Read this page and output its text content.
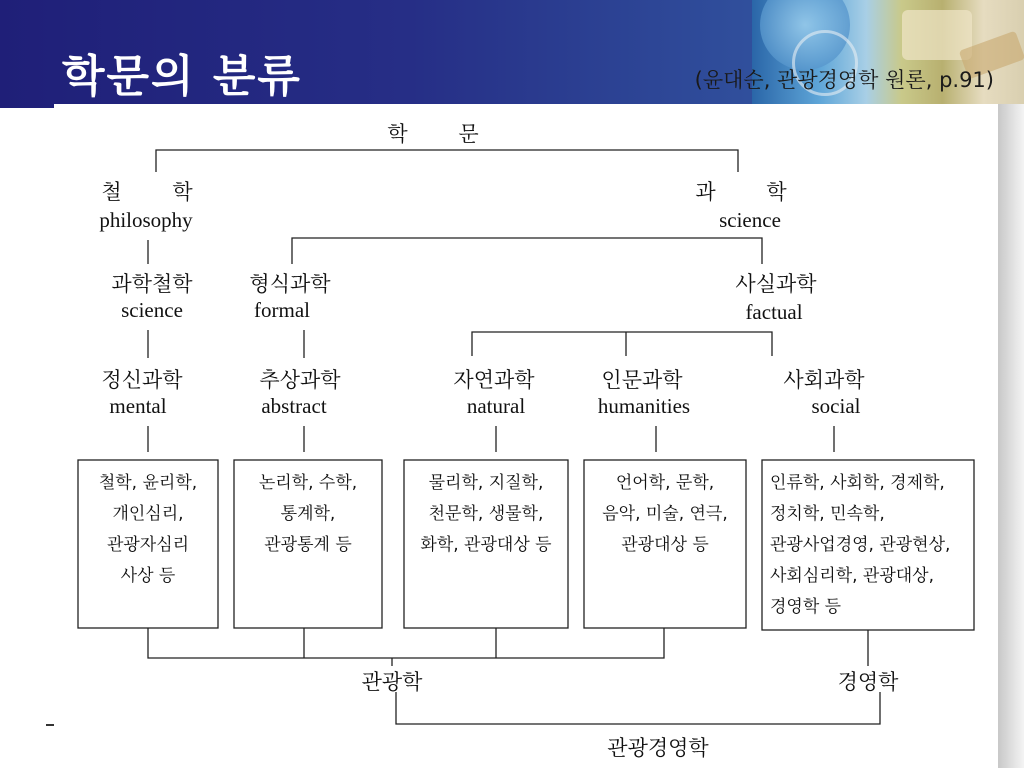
학문의 분류	(윤대순, 관광경영학 원론, p.91)
학 문
철 학
philosophy
과 학
science
과학철학
science
형식과학
formal
사실과학
factual
정신과학
mental
추상과학
abstract
자연과학
natural
인문과학
humanities
사회과학
social
철학, 윤리학,
개인심리,
관광자심리
사상 등
논리학, 수학,
통계학,
관광통계 등
물리학, 지질학,
천문학, 생물학,
화학, 관광대상 등
언어학, 문학,
음악, 미술, 연극,
관광대상 등
인류학, 사회학, 경제학,
정치학, 민속학,
관광사업경영, 관광현상,
사회심리학, 관광대상,
경영학 등
관광학	경영학
관광경영학
